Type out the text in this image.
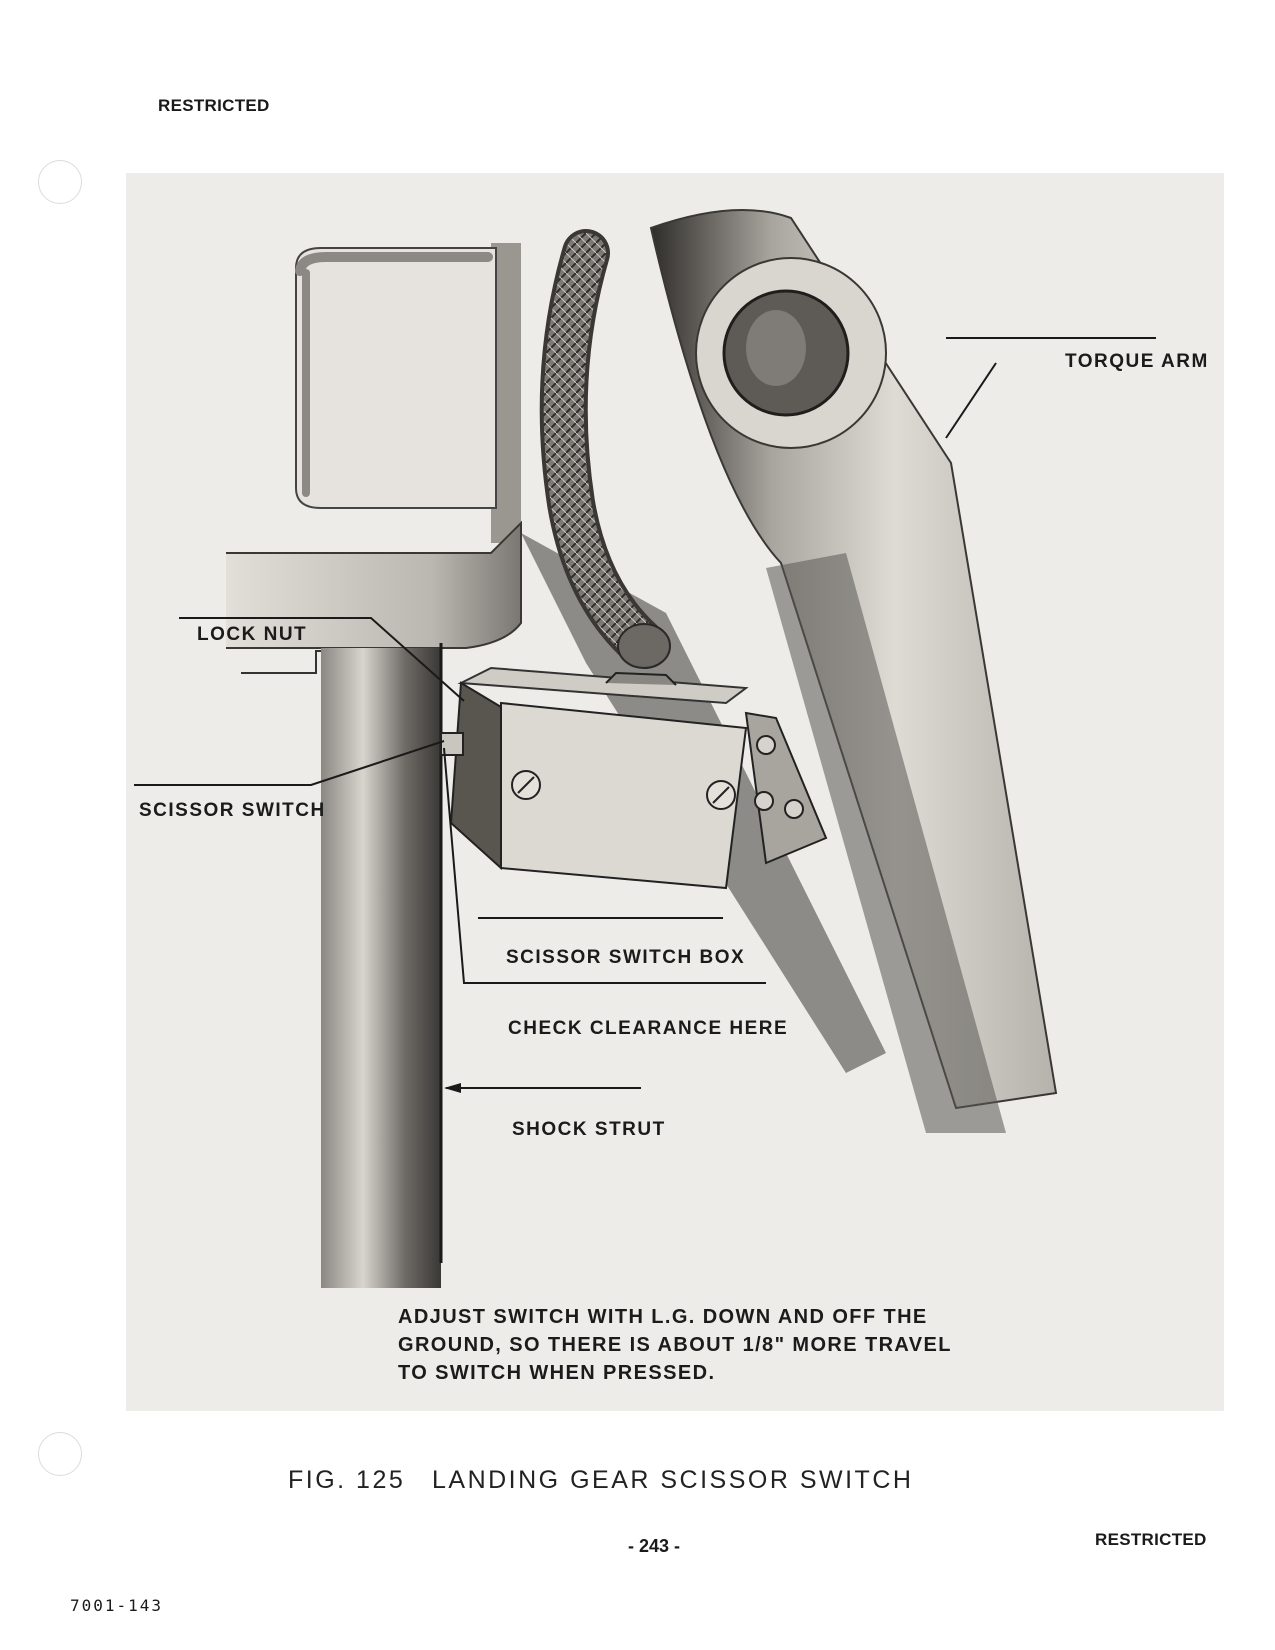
RESTRICTED
TORQUE ARM
LOCK NUT
SCISSOR SWITCH
SCISSOR SWITCH BOX
CHECK CLEARANCE HERE
SHOCK STRUT
ADJUST SWITCH WITH L.G. DOWN AND OFF THE
GROUND, SO THERE IS ABOUT 1/8" MORE TRAVEL
TO SWITCH WHEN PRESSED.
FIG. 125 LANDING GEAR SCISSOR SWITCH
- 243 -	RESTRICTED
7001-143
